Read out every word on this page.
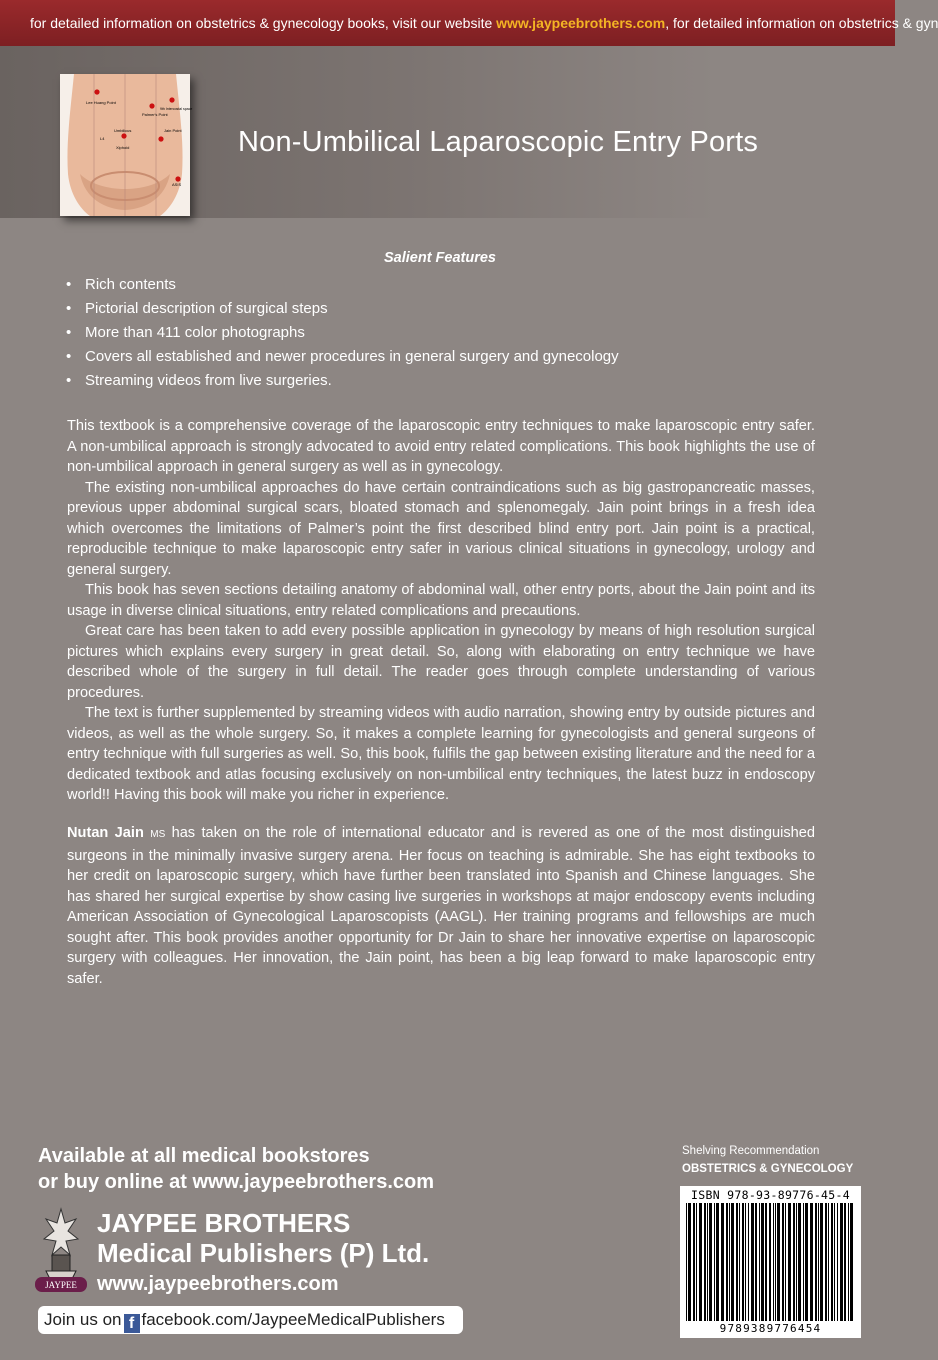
for detailed information on obstetrics & gynecology books, visit our website www.jaypeebrothers.com, for detailed information on obstetrics & gyn
Lee Huang Point
Palmer's Point
9th Intercostal space
Umbilicus	Jain Point
L4
Xiphoid
ASIS
Non-Umbilical Laparoscopic Entry Ports
Salient Features
• Rich contents
• Pictorial description of surgical steps
• More than 411 color photographs
• Covers all established and newer procedures in general surgery and gynecology
• Streaming videos from live surgeries.

This textbook is a comprehensive coverage of the laparoscopic entry techniques to make laparoscopic entry safer. A non-umbilical approach is strongly advocated to avoid entry related complications. This book highlights the use of non-umbilical approach in general surgery as well as in gynecology.

The existing non-umbilical approaches do have certain contraindications such as big gastropancreatic masses, previous upper abdominal surgical scars, bloated stomach and splenomegaly. Jain point brings in a fresh idea which overcomes the limitations of Palmer’s point the first described blind entry port. Jain point is a practical, reproducible technique to make laparoscopic entry safer in various clinical situations in gynecology, urology and general surgery.

This book has seven sections detailing anatomy of abdominal wall, other entry ports, about the Jain point and its usage in diverse clinical situations, entry related complications and precautions.

Great care has been taken to add every possible application in gynecology by means of high resolution surgical pictures which explains every surgery in great detail. So, along with elaborating on entry technique we have described whole of the surgery in full detail. The reader goes through complete understanding of various procedures.

The text is further supplemented by streaming videos with audio narration, showing entry by outside pictures and videos, as well as the whole surgery. So, it makes a complete learning for gynecologists and general surgeons of entry technique with full surgeries as well. So, this book, fulfils the gap between existing literature and the need for a dedicated textbook and atlas focusing exclusively on non-umbilical entry techniques, the latest buzz in endoscopy world!! Having this book will make you richer in experience.

Nutan Jain MS has taken on the role of international educator and is revered as one of the most distinguished surgeons in the minimally invasive surgery arena. Her focus on teaching is admirable. She has eight textbooks to her credit on laparoscopic surgery, which have further been translated into Spanish and Chinese languages. She has shared her surgical expertise by show casing live surgeries in workshops at major endoscopy events including American Association of Gynecological Laparoscopists (AAGL). Her training programs and fellowships are much sought after. This book provides another opportunity for Dr Jain to share her innovative expertise on laparoscopic surgery with colleagues. Her innovation, the Jain point, has been a big leap forward to make laparoscopic entry safer.
Available at all medical bookstores
or buy online at www.jaypeebrothers.com
JAYPEE
JAYPEE BROTHERS
Medical Publishers (P) Ltd.
www.jaypeebrothers.com
Join us on f facebook.com/JaypeeMedicalPublishers
Shelving Recommendation
OBSTETRICS & GYNECOLOGY
ISBN 978-93-89776-45-4
9789389776454
